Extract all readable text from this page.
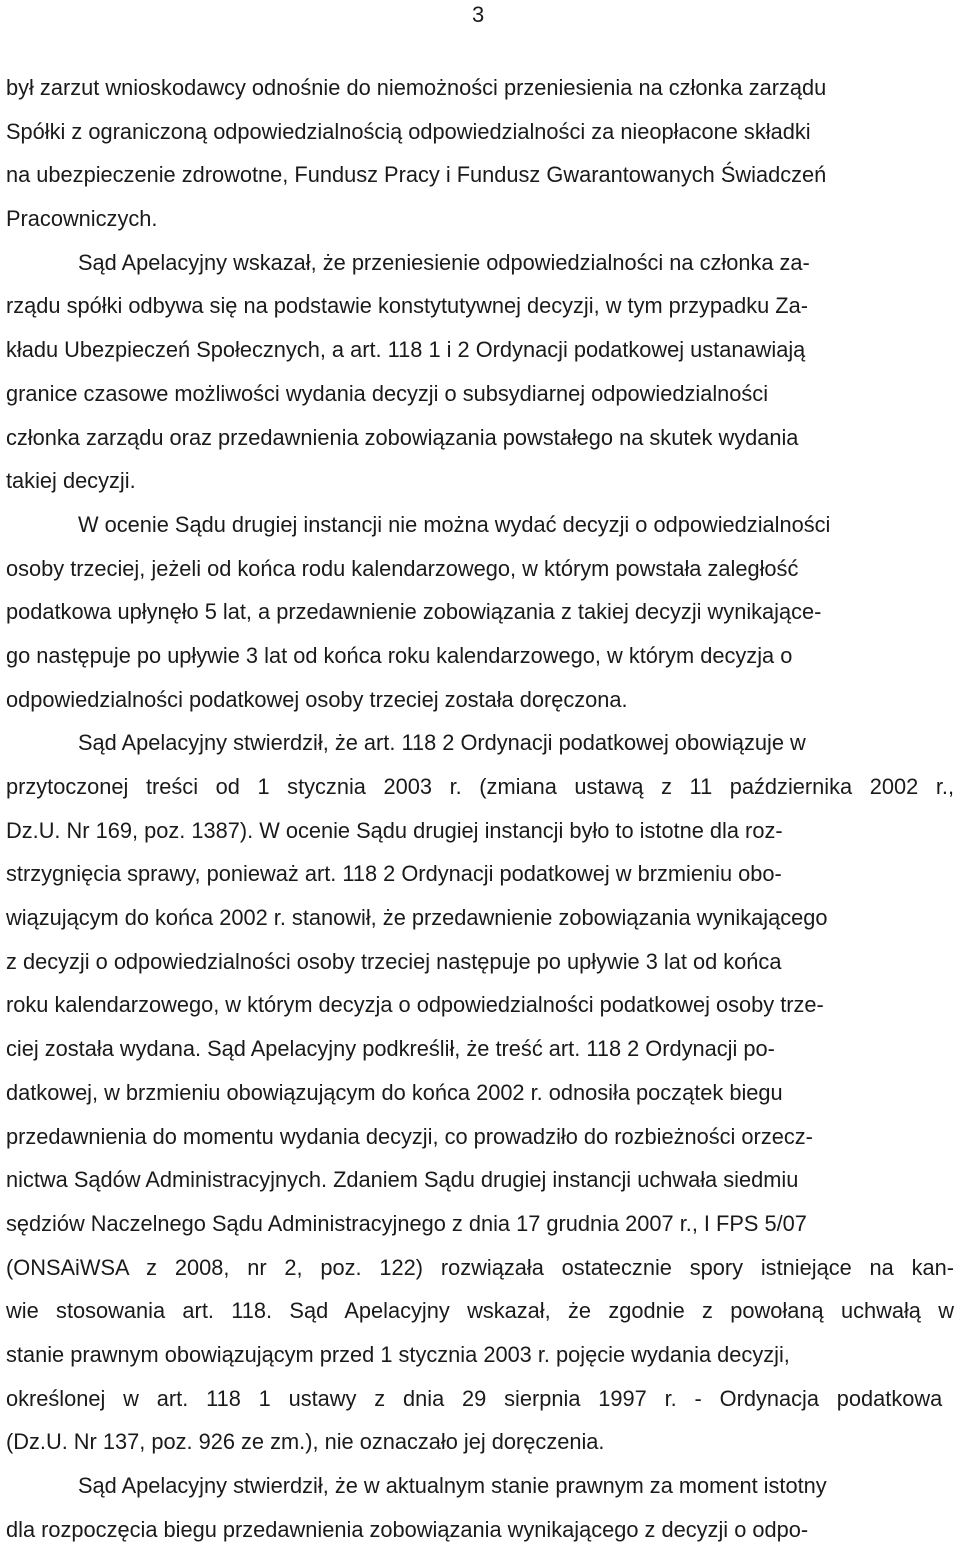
3
był zarzut wnioskodawcy odnośnie do niemożności przeniesienia na członka zarządu
Spółki z ograniczoną odpowiedzialnością odpowiedzialności za nieopłacone składki
na ubezpieczenie zdrowotne, Fundusz Pracy i Fundusz Gwarantowanych Świadczeń
Pracowniczych.
Sąd Apelacyjny wskazał, że przeniesienie odpowiedzialności na członka za-
rządu spółki odbywa się na podstawie konstytutywnej decyzji, w tym przypadku Za-
kładu Ubezpieczeń Społecznych, a art. 118 1 i 2 Ordynacji podatkowej ustanawiają
granice czasowe możliwości wydania decyzji o subsydiarnej odpowiedzialności
członka zarządu oraz przedawnienia zobowiązania powstałego na skutek wydania
takiej decyzji.
W ocenie Sądu drugiej instancji nie można wydać decyzji o odpowiedzialności
osoby trzeciej, jeżeli od końca rodu kalendarzowego, w którym powstała zaległość
podatkowa upłynęło 5 lat, a przedawnienie zobowiązania z takiej decyzji wynikające-
go następuje po upływie 3 lat od końca roku kalendarzowego, w którym decyzja o
odpowiedzialności podatkowej osoby trzeciej została doręczona.
Sąd Apelacyjny stwierdził, że art. 118 2 Ordynacji podatkowej obowiązuje w
przytoczonej treści od 1 stycznia 2003 r. (zmiana ustawą z 11 października 2002 r.,
Dz.U. Nr 169, poz. 1387). W ocenie Sądu drugiej instancji było to istotne dla roz-
strzygnięcia sprawy, ponieważ art. 118 2 Ordynacji podatkowej w brzmieniu obo-
wiązującym do końca 2002 r. stanowił, że przedawnienie zobowiązania wynikającego
z decyzji o odpowiedzialności osoby trzeciej następuje po upływie 3 lat od końca
roku kalendarzowego, w którym decyzja o odpowiedzialności podatkowej osoby trze-
ciej została wydana. Sąd Apelacyjny podkreślił, że treść art. 118 2 Ordynacji po-
datkowej, w brzmieniu obowiązującym do końca 2002 r. odnosiła początek biegu
przedawnienia do momentu wydania decyzji, co prowadziło do rozbieżności orzecz-
nictwa Sądów Administracyjnych. Zdaniem Sądu drugiej instancji uchwała siedmiu
sędziów Naczelnego Sądu Administracyjnego z dnia 17 grudnia 2007 r., I FPS 5/07
(ONSAiWSA z 2008, nr 2, poz. 122) rozwiązała ostatecznie spory istniejące na kan-
wie stosowania art. 118. Sąd Apelacyjny wskazał, że zgodnie z powołaną uchwałą w
stanie prawnym obowiązującym przed 1 stycznia 2003 r. pojęcie wydania decyzji,
określonej w art. 118 1 ustawy z dnia 29 sierpnia 1997 r. - Ordynacja podatkowa
(Dz.U. Nr 137, poz. 926 ze zm.), nie oznaczało jej doręczenia.
Sąd Apelacyjny stwierdził, że w aktualnym stanie prawnym za moment istotny
dla rozpoczęcia biegu przedawnienia zobowiązania wynikającego z decyzji o odpo-
